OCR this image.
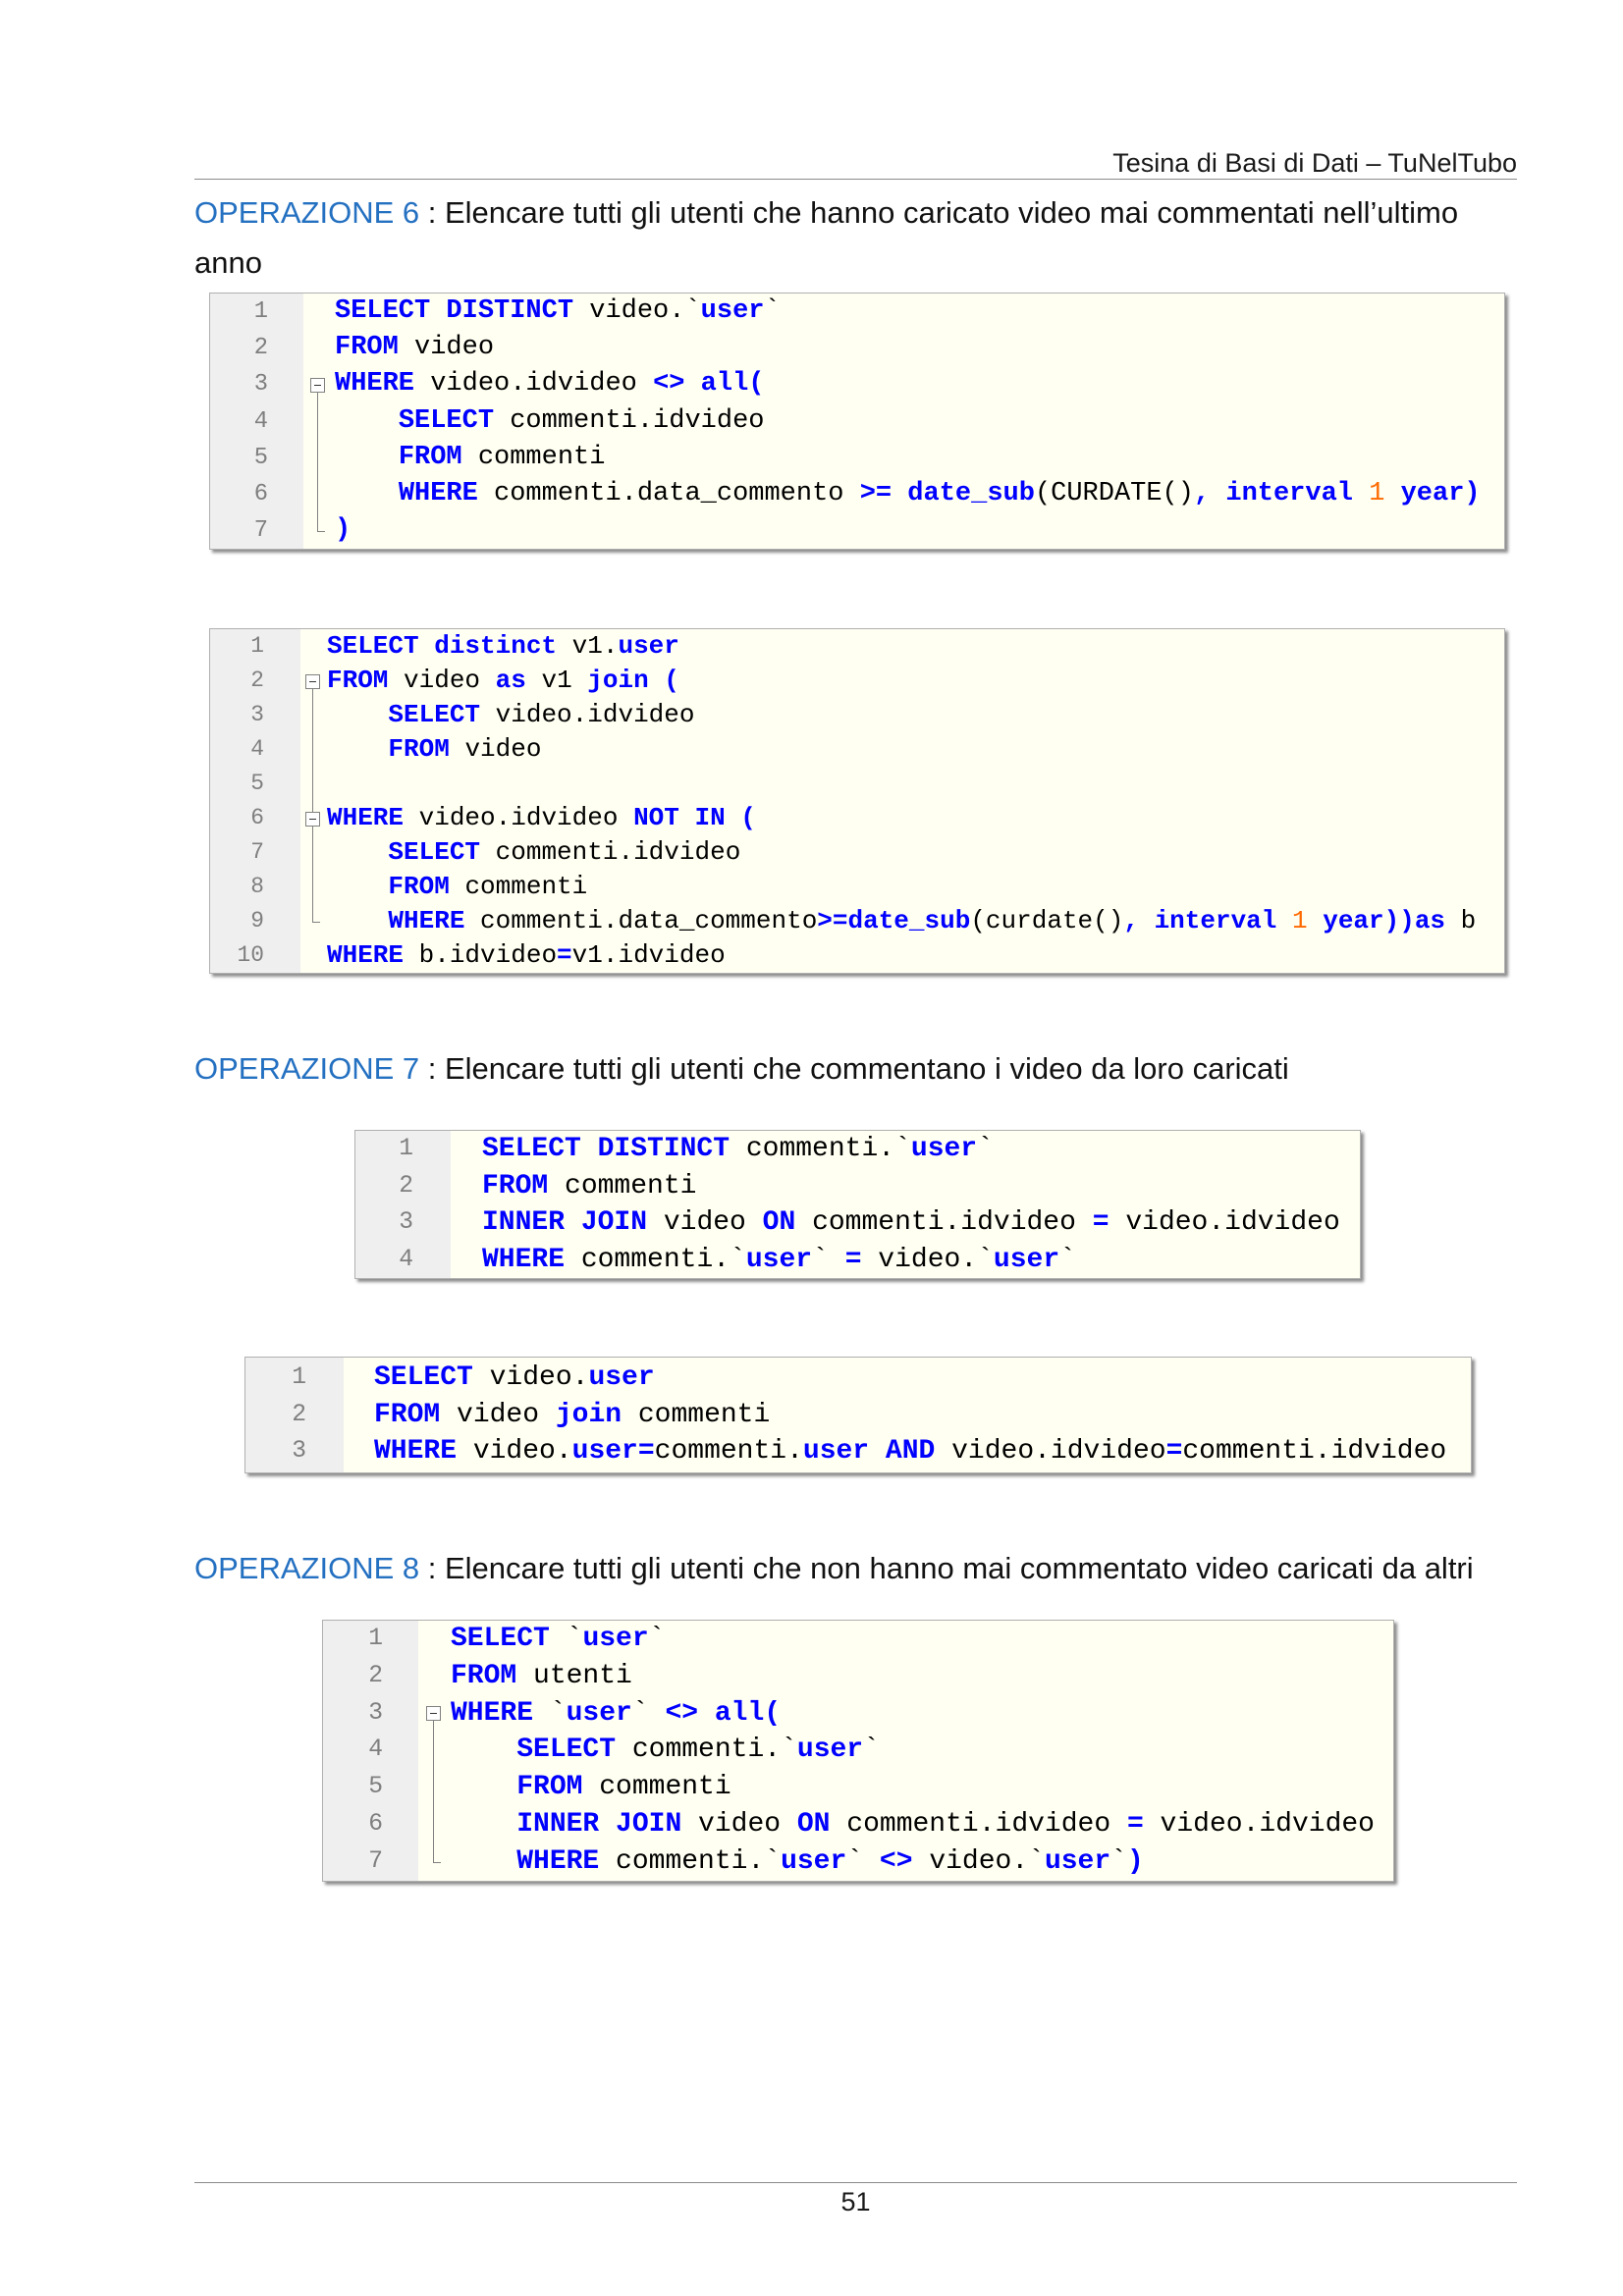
Tesina di Basi di Dati – TuNelTubo
OPERAZIONE 6 : Elencare tutti gli utenti che hanno caricato video mai commentati nell’ultimo anno
1	SELECT DISTINCT video.`user`
2	FROM video
3	WHERE video.idvideo <> all(
4	SELECT commenti.idvideo
5	FROM commenti
6	WHERE commenti.data_commento >= date_sub(CURDATE(), interval 1 year)
7	)
1	SELECT distinct v1.user
2	FROM video as v1 join (
3	SELECT video.idvideo
4	FROM video
5
6	WHERE video.idvideo NOT IN (
7	SELECT commenti.idvideo
8	FROM commenti
9	WHERE commenti.data_commento>=date_sub(curdate(), interval 1 year))as b
10	WHERE b.idvideo=v1.idvideo
OPERAZIONE 7 : Elencare tutti gli utenti che commentano i video da loro caricati
1	SELECT DISTINCT commenti.`user`
2	FROM commenti
3	INNER JOIN video ON commenti.idvideo = video.idvideo
4	WHERE commenti.`user` = video.`user`
1	SELECT video.user
2	FROM video join commenti
3	WHERE video.user=commenti.user AND video.idvideo=commenti.idvideo
OPERAZIONE 8 : Elencare tutti gli utenti che non hanno mai commentato video caricati da altri
1	SELECT `user`
2	FROM utenti
3	WHERE `user` <> all(
4	SELECT commenti.`user`
5	FROM commenti
6	INNER JOIN video ON commenti.idvideo = video.idvideo
7	WHERE commenti.`user` <> video.`user`)
51
